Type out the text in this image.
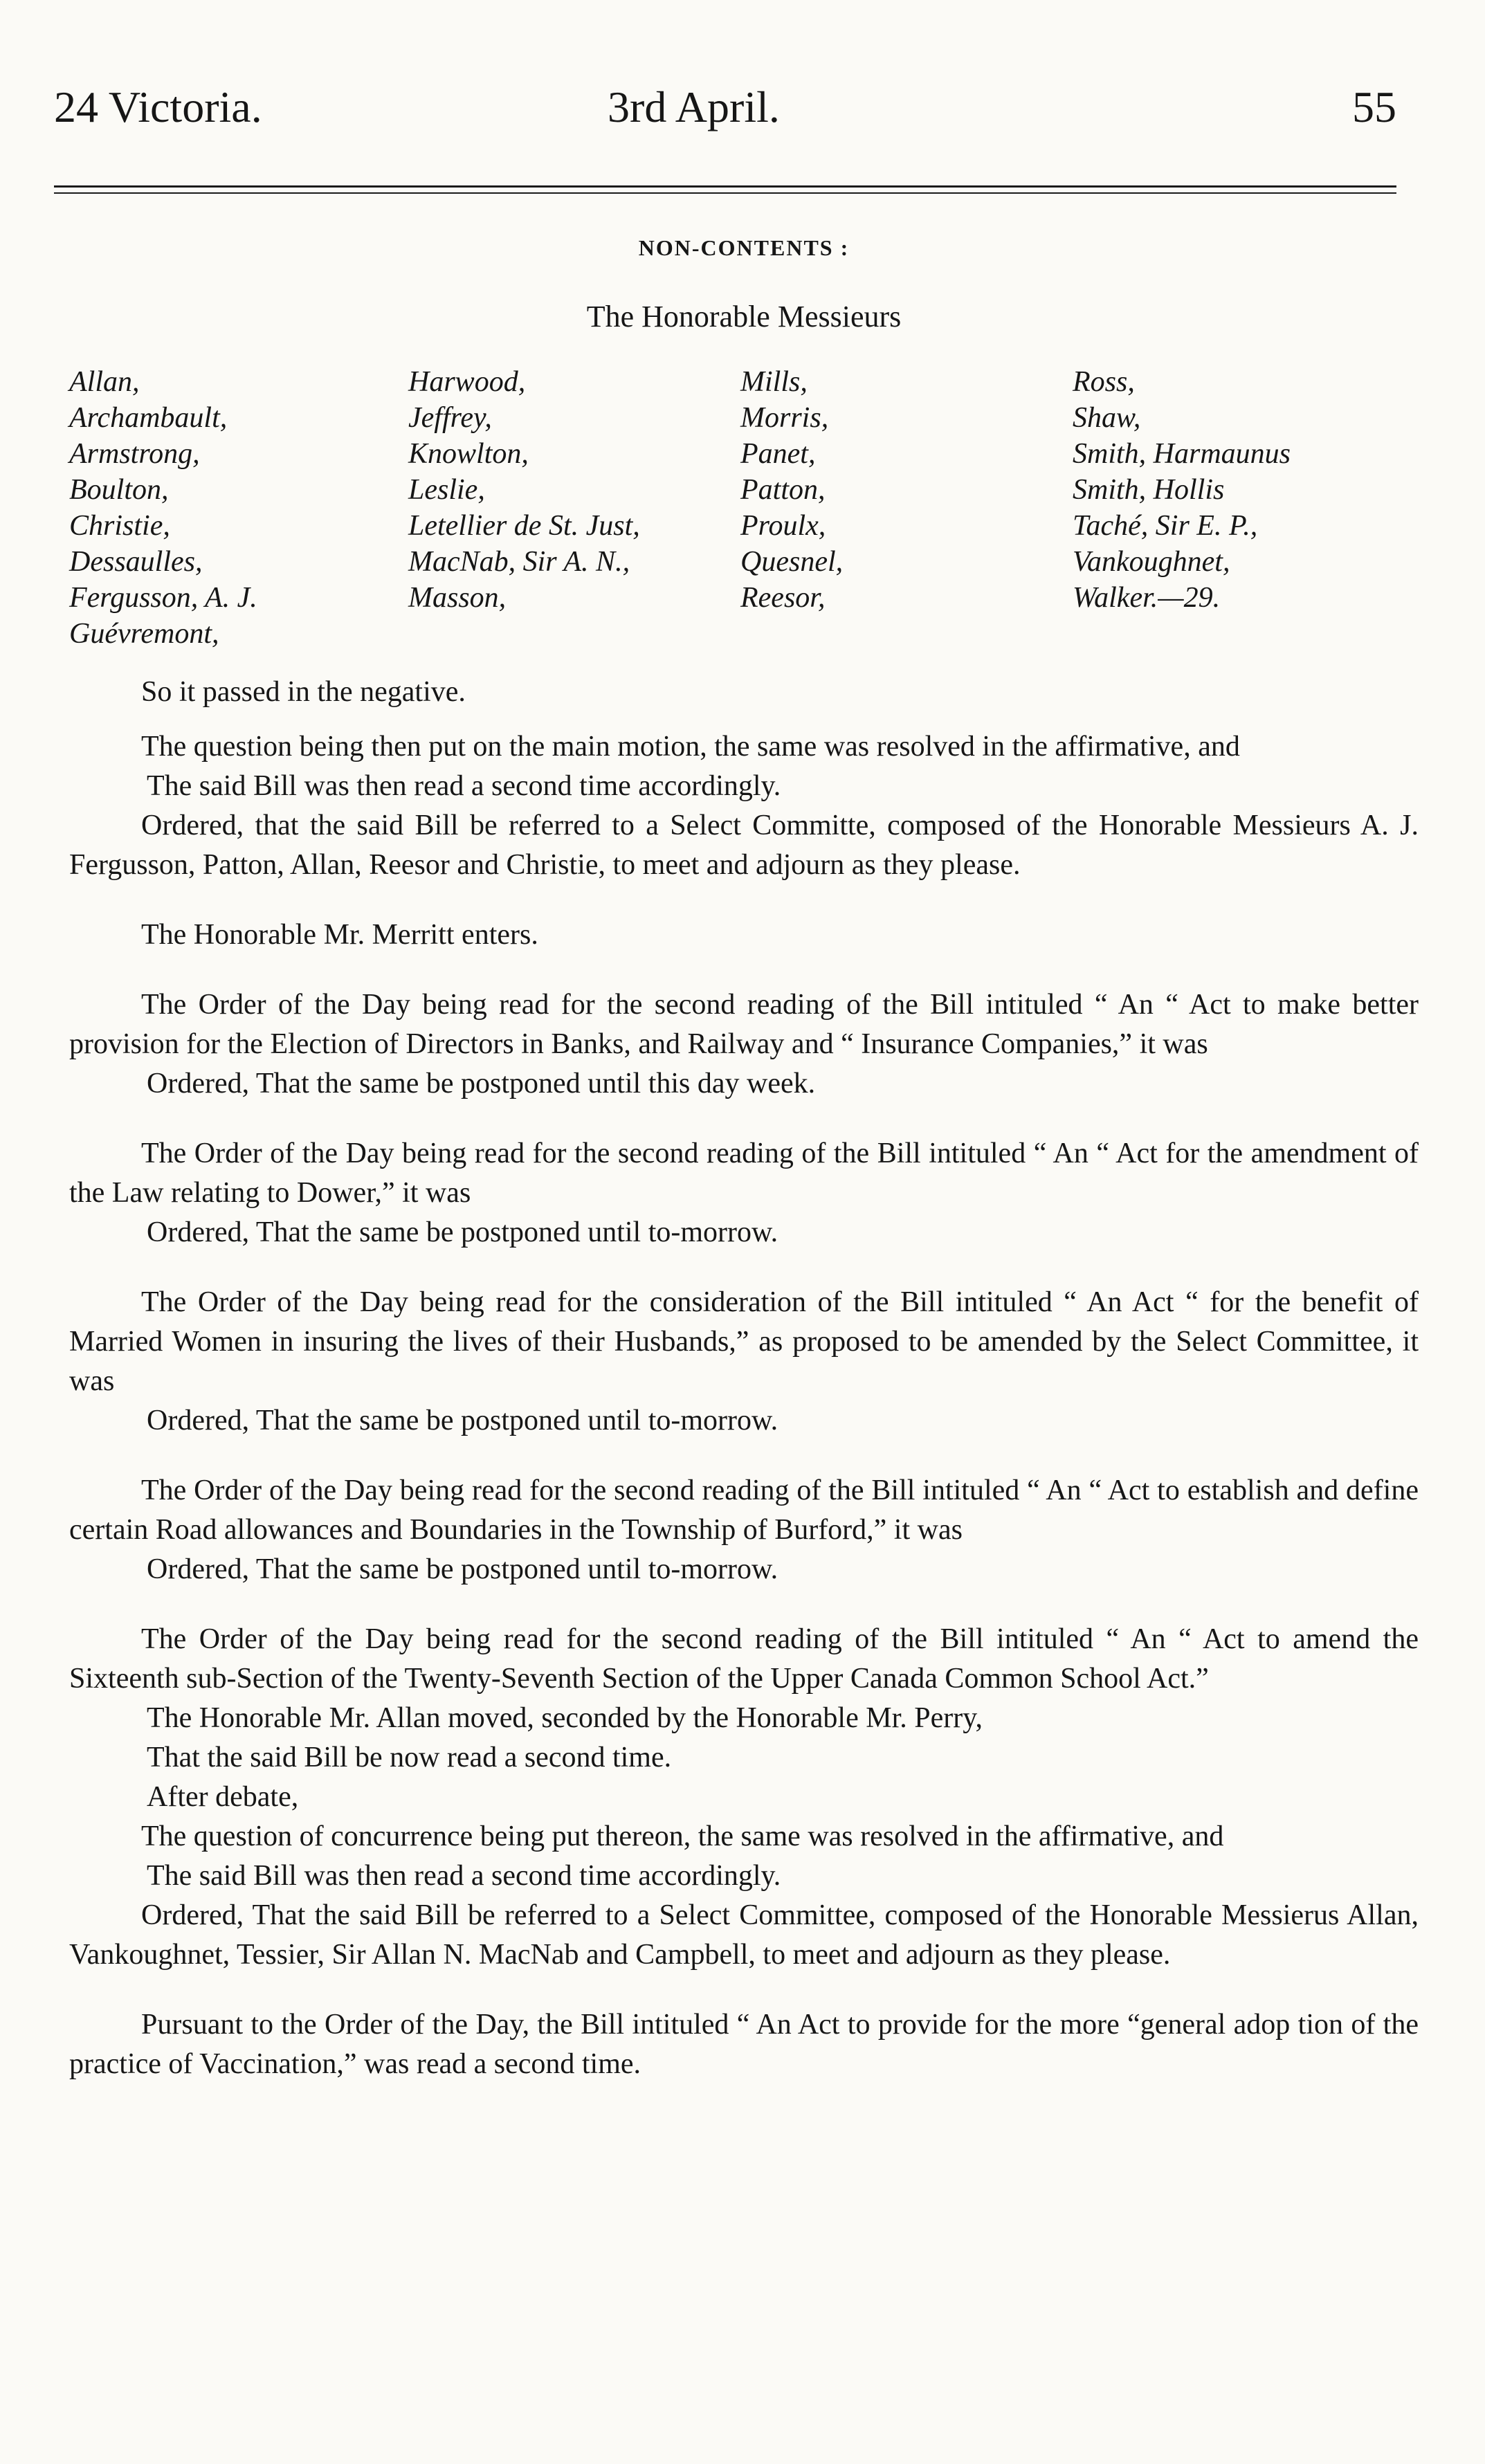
24 Victoria.	3rd April.	55
NON-CONTENTS :
The Honorable Messieurs
Allan,
Archambault,
Armstrong,
Boulton,
Christie,
Dessaulles,
Fergusson, A. J.
Guévremont,
Harwood,
Jeffrey,
Knowlton,
Leslie,
Letellier de St. Just,
MacNab, Sir A. N.,
Masson,
Mills,
Morris,
Panet,
Patton,
Proulx,
Quesnel,
Reesor,
Ross,
Shaw,
Smith, Harmaunus
Smith, Hollis
Taché, Sir E. P.,
Vankoughnet,
Walker.—29.

So it passed in the negative.

The question being then put on the main motion, the same was resolved in the affirmative, and

The said Bill was then read a second time accordingly.

Ordered, that the said Bill be referred to a Select Committe, composed of the Honorable Messieurs A. J. Fergusson, Patton, Allan, Reesor and Christie, to meet and adjourn as they please.

The Honorable Mr. Merritt enters.

The Order of the Day being read for the second reading of the Bill intituled “ An “ Act to make better provision for the Election of Directors in Banks, and Railway and “ Insurance Companies,” it was

Ordered, That the same be postponed until this day week.

The Order of the Day being read for the second reading of the Bill intituled “ An “ Act for the amendment of the Law relating to Dower,” it was

Ordered, That the same be postponed until to-morrow.

The Order of the Day being read for the consideration of the Bill intituled “ An Act “ for the benefit of Married Women in insuring the lives of their Husbands,” as proposed to be amended by the Select Committee, it was

Ordered, That the same be postponed until to-morrow.

The Order of the Day being read for the second reading of the Bill intituled “ An “ Act to establish and define certain Road allowances and Boundaries in the Township of Burford,” it was

Ordered, That the same be postponed until to-morrow.

The Order of the Day being read for the second reading of the Bill intituled “ An “ Act to amend the Sixteenth sub-Section of the Twenty-Seventh Section of the Upper Canada Common School Act.”

The Honorable Mr. Allan moved, seconded by the Honorable Mr. Perry,

That the said Bill be now read a second time.

After debate,

The question of concurrence being put thereon, the same was resolved in the affirmative, and

The said Bill was then read a second time accordingly.

Ordered, That the said Bill be referred to a Select Committee, composed of the Honorable Messierus Allan, Vankoughnet, Tessier, Sir Allan N. MacNab and Campbell, to meet and adjourn as they please.

Pursuant to the Order of the Day, the Bill intituled “ An Act to provide for the more “general adop tion of the practice of Vaccination,” was read a second time.
